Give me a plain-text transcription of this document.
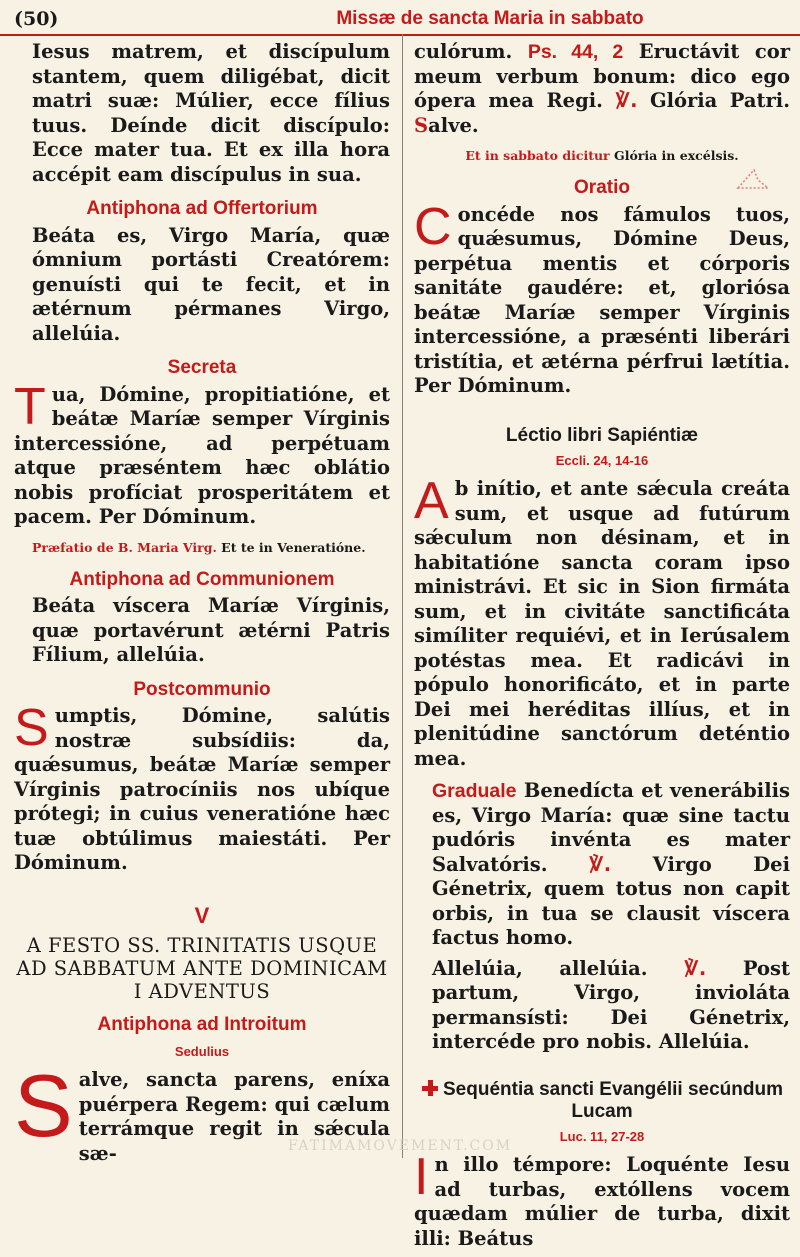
(50)	Missæ de sancta Maria in sabbato

Iesus matrem, et discípulum stantem, quem diligébat, dicit matri suæ: Múlier, ecce fílius tuus. Deínde dicit discípulo: Ecce mater tua. Et ex illa hora accépit eam discípulus in sua.

Antiphona ad Offertorium

Beáta es, Virgo María, quæ ómnium portásti Creatórem: genuísti qui te fecit, et in ætérnum pérmanes Virgo, allelúia.

Secreta

Tua, Dómine, propitiatióne, et beátæ Maríæ semper Vírginis intercessióne, ad perpétuam atque præséntem hæc oblátio nobis profíciat prosperitátem et pacem. Per Dóminum.

Præfatio de B. Maria Virg. Et te in Veneratióne.

Antiphona ad Communionem

Beáta víscera Maríæ Vírginis, quæ portavérunt ætérni Patris Fílium, allelúia.

Postcommunio

Sumptis, Dómine, salútis nostræ subsídiis: da, quǽsumus, beátæ Maríæ semper Vírginis patrocíniis nos ubíque prótegi; in cuius veneratióne hæc tuæ obtúlimus maiestáti. Per Dóminum.

V
A FESTO SS. TRINITATIS USQUE AD SABBATUM ANTE DOMINICAM I ADVENTUS
Antiphona ad Introitum
Sedulius

Salve, sancta parens, eníxa puérpera Regem: qui cælum terrámque regit in sǽcula sæ-

culórum. Ps. 44, 2 Eructávit cor meum verbum bonum: dico ego ópera mea Regi. ℣. Glória Patri. Salve.

Et in sabbato dicitur Glória in excélsis.

Oratio

Concéde nos fámulos tuos, quǽsumus, Dómine Deus, perpétua mentis et córporis sanitáte gaudére: et, gloriósa beátæ Maríæ semper Vírginis intercessióne, a præsénti liberári tristítia, et ætérna pérfrui lætítia. Per Dóminum.

Léctio libri Sapiéntiæ
Eccli. 24, 14-16

Ab inítio, et ante sǽcula creáta sum, et usque ad futúrum sǽculum non désinam, et in habitatióne sancta coram ipso ministrávi. Et sic in Sion firmáta sum, et in civitáte sanctificáta simíliter requiévi, et in Ierúsalem potéstas mea. Et radicávi in pópulo honorificáto, et in parte Dei mei heréditas illíus, et in plenitúdine sanctórum deténtio mea.

Graduale Benedícta et venerábilis es, Virgo María: quæ sine tactu pudóris invénta es mater Salvatóris. ℣. Virgo Dei Génetrix, quem totus non capit orbis, in tua se clausit víscera factus homo.

Allelúia, allelúia. ℣. Post partum, Virgo, invioláta permansísti: Dei Génetrix, intercéde pro nobis. Allelúia.

Sequéntia sancti Evangélii secúndum Lucam
Luc. 11, 27-28

In illo témpore: Loquénte Iesu ad turbas, extóllens vocem quædam múlier de turba, dixit illi: Beátus

FATIMAMOVEMENT.COM
